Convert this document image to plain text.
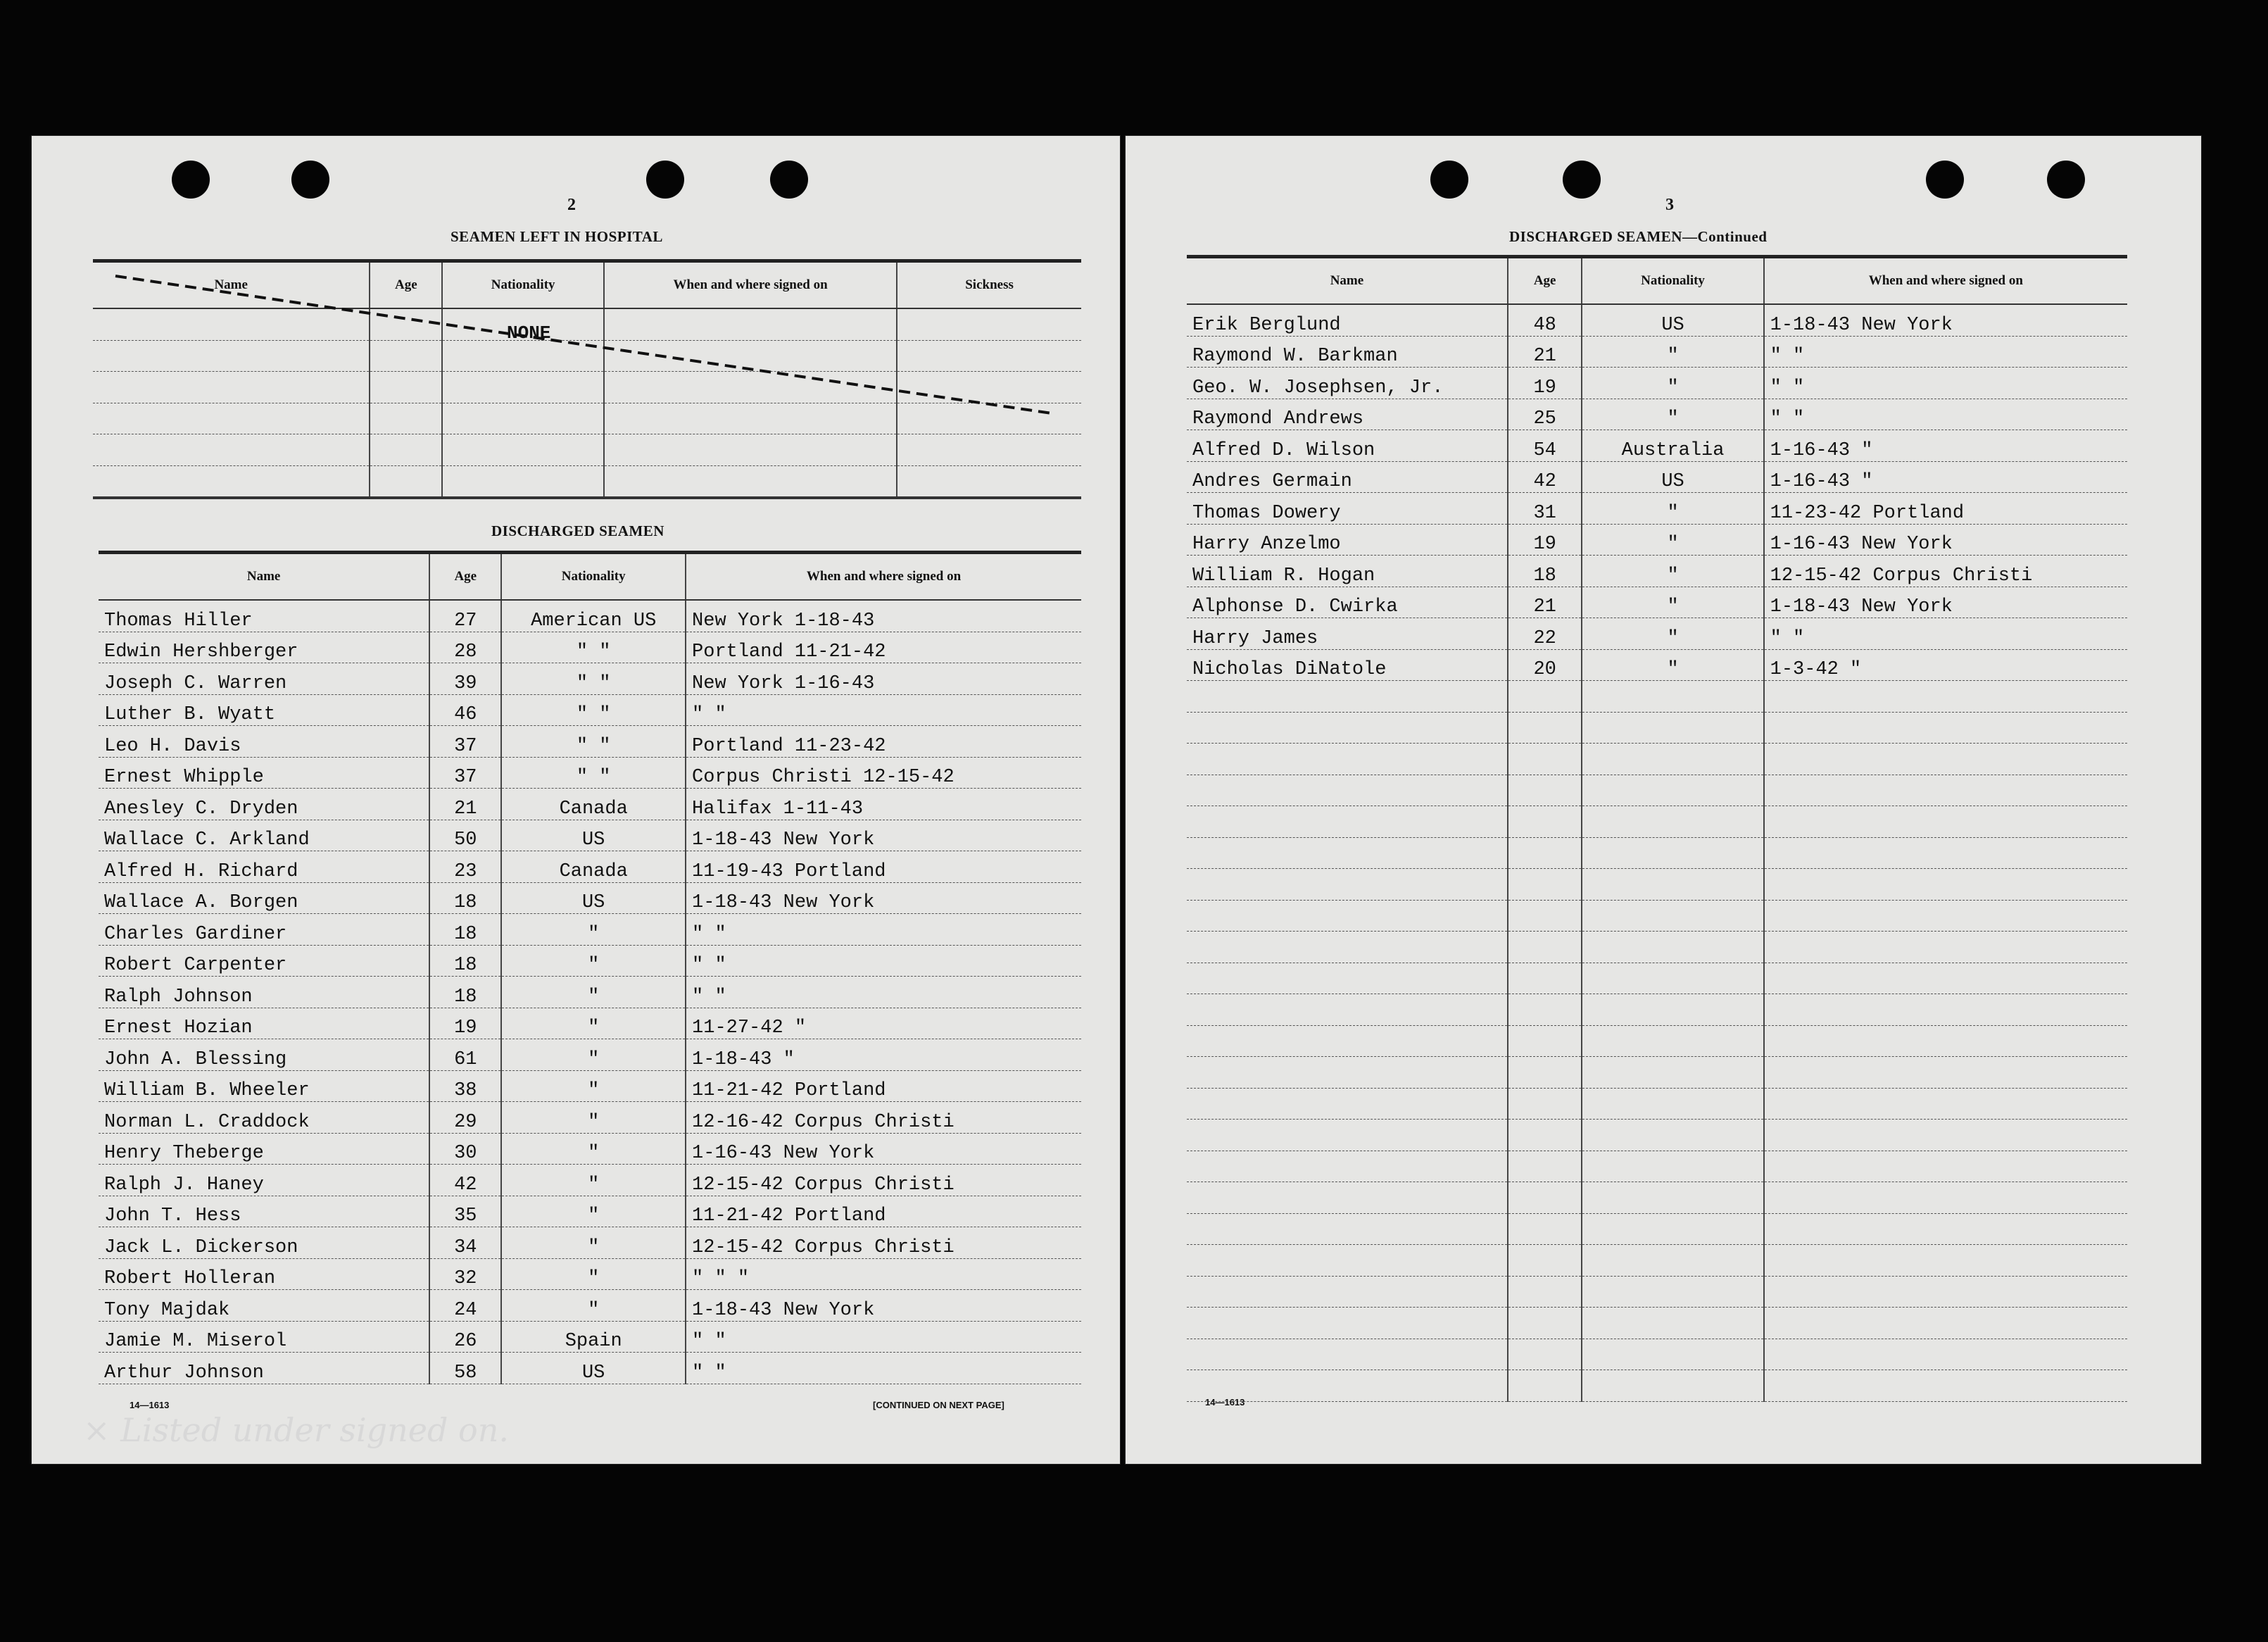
2
SEAMEN LEFT IN HOSPITAL
Name	Age	Nationality	When and where signed on	Sickness

NONE
DISCHARGED SEAMEN
Name	Age	Nationality	When and where signed on
Thomas Hiller	27	American US	New York 1-18-43
Edwin Hershberger	28	" "	Portland 11-21-42
Joseph C. Warren	39	" "	New York 1-16-43
Luther B. Wyatt	46	" "	" "
Leo H. Davis	37	" "	Portland 11-23-42
Ernest Whipple	37	" "	Corpus Christi 12-15-42
Anesley C. Dryden	21	Canada	Halifax 1-11-43
Wallace C. Arkland	50	US	1-18-43 New York
Alfred H. Richard	23	Canada	11-19-43 Portland
Wallace A. Borgen	18	US	1-18-43 New York
Charles Gardiner	18	"	" "
Robert Carpenter	18	"	" "
Ralph Johnson	18	"	" "
Ernest Hozian	19	"	11-27-42 "
John A. Blessing	61	"	1-18-43 "
William B. Wheeler	38	"	11-21-42 Portland
Norman L. Craddock	29	"	12-16-42 Corpus Christi
Henry Theberge	30	"	1-16-43 New York
Ralph J. Haney	42	"	12-15-42 Corpus Christi
John T. Hess	35	"	11-21-42 Portland
Jack L. Dickerson	34	"	12-15-42 Corpus Christi
Robert Holleran	32	"	" " "
Tony Majdak	24	"	1-18-43 New York
Jamie M. Miserol	26	Spain	" "
Arthur Johnson	58	US	" "
14—1613	[CONTINUED ON NEXT PAGE]
× Listed under signed on.
3
DISCHARGED SEAMEN—Continued
Name	Age	Nationality	When and where signed on
Erik Berglund	48	US	1-18-43 New York
Raymond W. Barkman	21	"	" "
Geo. W. Josephsen, Jr.	19	"	" "
Raymond Andrews	25	"	" "
Alfred D. Wilson	54	Australia	1-16-43 "
Andres Germain	42	US	1-16-43 "
Thomas Dowery	31	"	11-23-42 Portland
Harry Anzelmo	19	"	1-16-43 New York
William R. Hogan	18	"	12-15-42 Corpus Christi
Alphonse D. Cwirka	21	"	1-18-43 New York
Harry James	22	"	" "
Nicholas DiNatole	20	"	1-3-42 "

14—1613
